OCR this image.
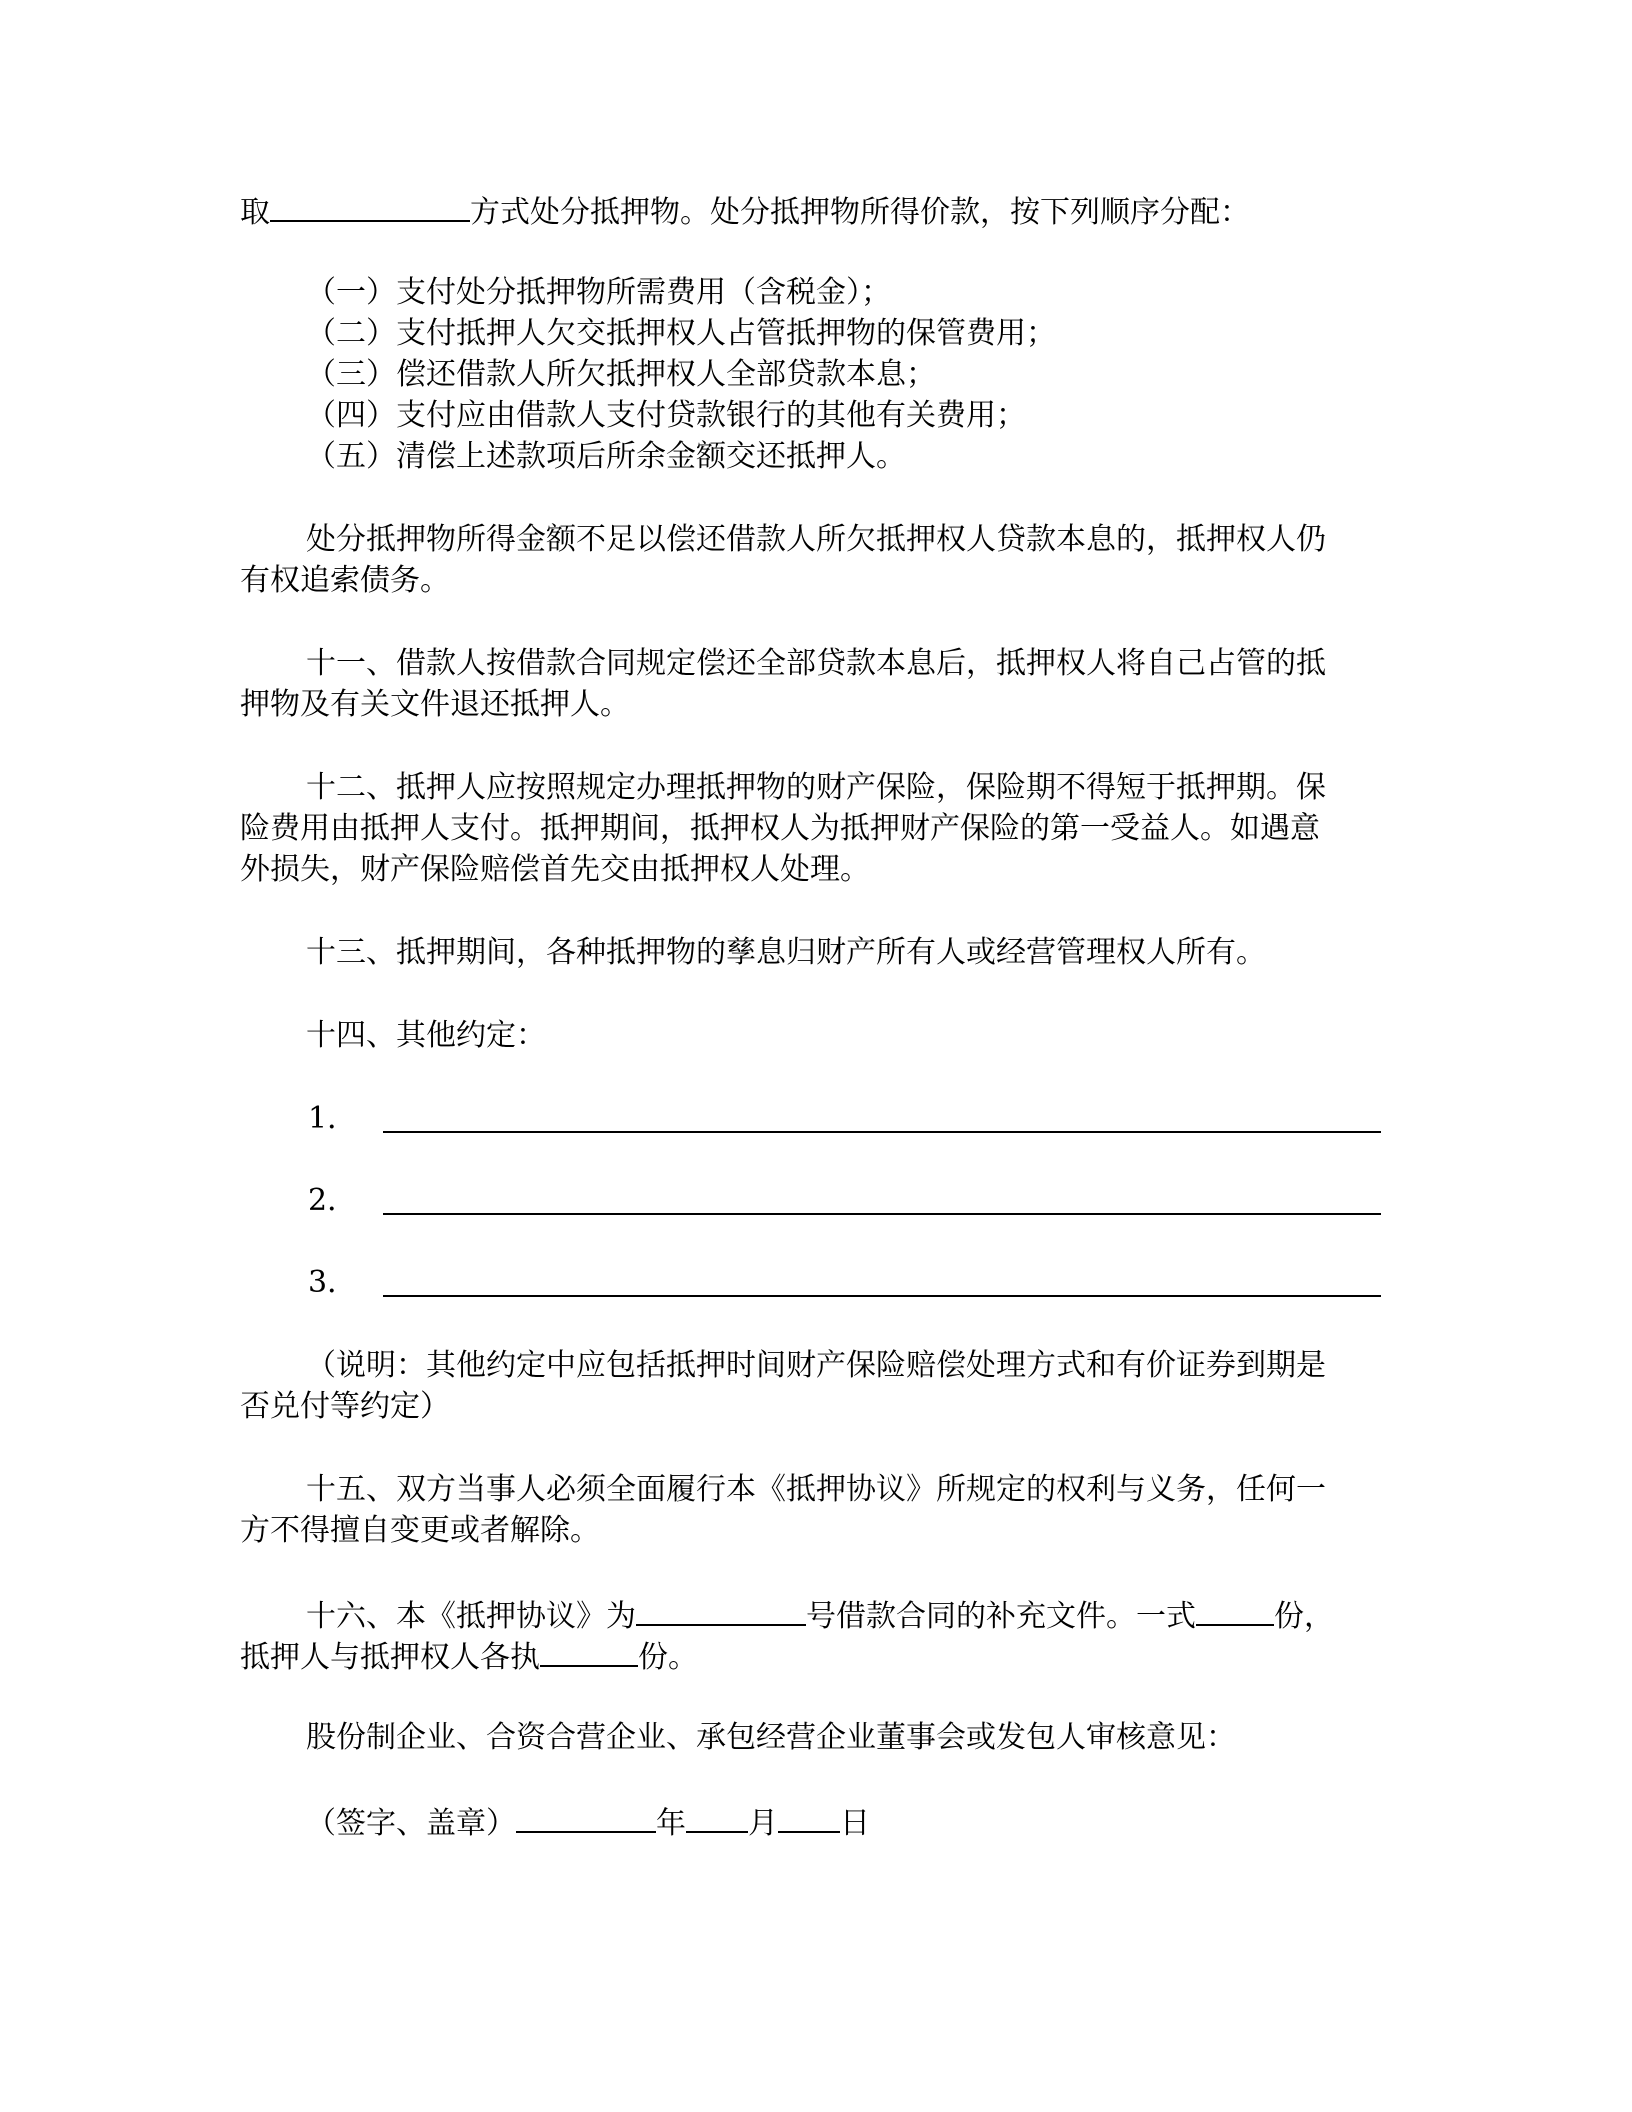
取	方式处分抵押物。处分抵押物所得价款，按下列顺序分配：
（一）支付处分抵押物所需费用（含税金）；
（二）支付抵押人欠交抵押权人占管抵押物的保管费用；
（三）偿还借款人所欠抵押权人全部贷款本息；
（四）支付应由借款人支付贷款银行的其他有关费用；
（五）清偿上述款项后所余金额交还抵押人。
处分抵押物所得金额不足以偿还借款人所欠抵押权人贷款本息的，抵押权人仍
有权追索债务。
十一、借款人按借款合同规定偿还全部贷款本息后，抵押权人将自己占管的抵
押物及有关文件退还抵押人。
十二、抵押人应按照规定办理抵押物的财产保险，保险期不得短于抵押期。保
险费用由抵押人支付。抵押期间，抵押权人为抵押财产保险的第一受益人。如遇意
外损失，财产保险赔偿首先交由抵押权人处理。
十三、抵押期间，各种抵押物的孳息归财产所有人或经营管理权人所有。
十四、其他约定：
1．
2．
3．
（说明：其他约定中应包括抵押时间财产保险赔偿处理方式和有价证券到期是
否兑付等约定）
十五、双方当事人必须全面履行本《抵押协议》所规定的权利与义务，任何一
方不得擅自变更或者解除。
十六、本《抵押协议》为	号借款合同的补充文件。一式	份，
抵押人与抵押权人各执	份。
股份制企业、合资合营企业、承包经营企业董事会或发包人审核意见：
（签字、盖章）	年 月 日
